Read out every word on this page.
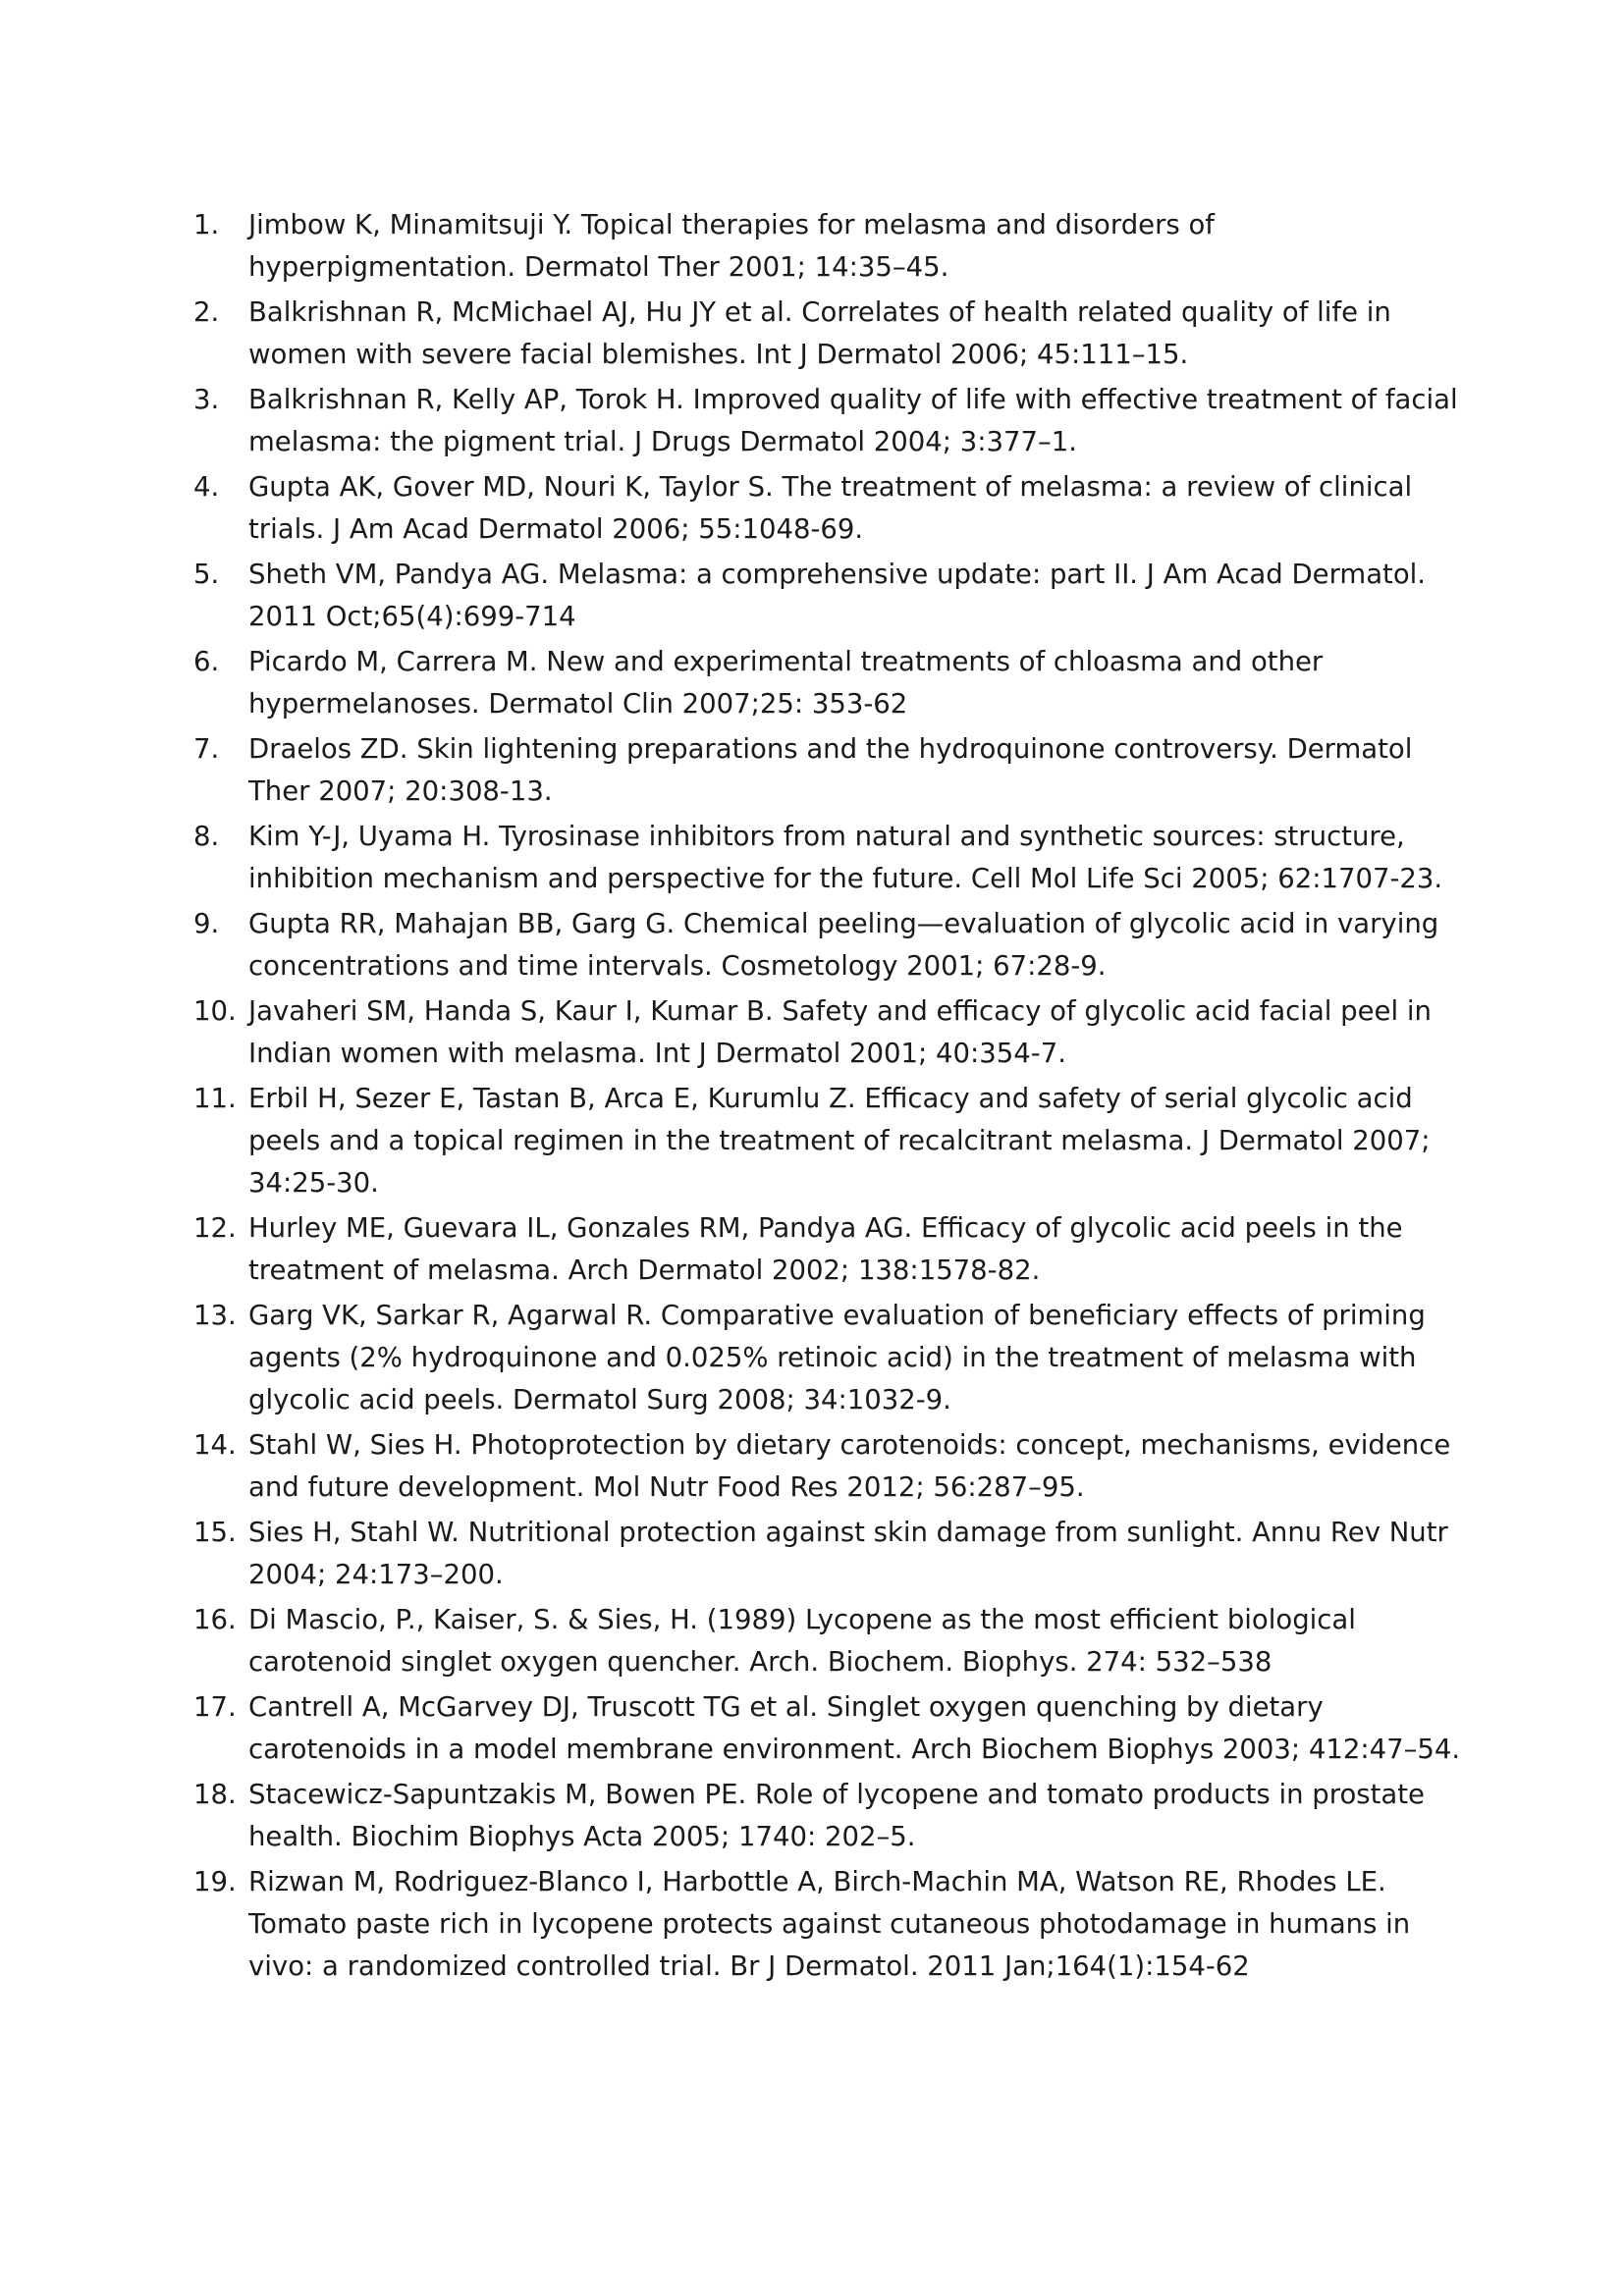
1.	Jimbow K, Minamitsuji Y. Topical therapies for melasma and disorders of hyperpigmentation. Dermatol Ther 2001; 14:35–45.
2.	Balkrishnan R, McMichael AJ, Hu JY et al. Correlates of health related quality of life in women with severe facial blemishes. Int J Dermatol 2006; 45:111–15.
3.	Balkrishnan R, Kelly AP, Torok H. Improved quality of life with effective treatment of facial melasma: the pigment trial. J Drugs Dermatol 2004; 3:377–1.
4.	Gupta AK, Gover MD, Nouri K, Taylor S. The treatment of melasma: a review of clinical trials. J Am Acad Dermatol 2006; 55:1048-69.
5.	Sheth VM, Pandya AG. Melasma: a comprehensive update: part II. J Am Acad Dermatol. 2011 Oct;65(4):699-714
6.	Picardo M, Carrera M. New and experimental treatments of chloasma and other hypermelanoses. Dermatol Clin 2007;25: 353-62
7.	Draelos ZD. Skin lightening preparations and the hydroquinone controversy. Dermatol Ther 2007; 20:308-13.
8.	Kim Y-J, Uyama H. Tyrosinase inhibitors from natural and synthetic sources: structure, inhibition mechanism and perspective for the future. Cell Mol Life Sci 2005; 62:1707-23.
9.	Gupta RR, Mahajan BB, Garg G. Chemical peeling—evaluation of glycolic acid in varying concentrations and time intervals. Cosmetology 2001; 67:28-9.
10. Javaheri SM, Handa S, Kaur I, Kumar B. Safety and efficacy of glycolic acid facial peel in Indian women with melasma. Int J Dermatol 2001; 40:354-7.
11. Erbil H, Sezer E, Tastan B, Arca E, Kurumlu Z. Efficacy and safety of serial glycolic acid peels and a topical regimen in the treatment of recalcitrant melasma. J Dermatol 2007; 34:25-30.
12. Hurley ME, Guevara IL, Gonzales RM, Pandya AG. Efficacy of glycolic acid peels in the treatment of melasma. Arch Dermatol 2002; 138:1578-82.
13. Garg VK, Sarkar R, Agarwal R. Comparative evaluation of beneficiary effects of priming agents (2% hydroquinone and 0.025% retinoic acid) in the treatment of melasma with glycolic acid peels. Dermatol Surg 2008; 34:1032-9.
14. Stahl W, Sies H. Photoprotection by dietary carotenoids: concept, mechanisms, evidence and future development. Mol Nutr Food Res 2012; 56:287–95.
15. Sies H, Stahl W. Nutritional protection against skin damage from sunlight. Annu Rev Nutr 2004; 24:173–200.
16. Di Mascio, P., Kaiser, S. & Sies, H. (1989) Lycopene as the most efficient biological carotenoid singlet oxygen quencher. Arch. Biochem. Biophys. 274: 532–538
17. Cantrell A, McGarvey DJ, Truscott TG et al. Singlet oxygen quenching by dietary carotenoids in a model membrane environment. Arch Biochem Biophys 2003; 412:47–54.
18. Stacewicz-Sapuntzakis M, Bowen PE. Role of lycopene and tomato products in prostate health. Biochim Biophys Acta 2005; 1740: 202–5.
19. Rizwan M, Rodriguez-Blanco I, Harbottle A, Birch-Machin MA, Watson RE, Rhodes LE. Tomato paste rich in lycopene protects against cutaneous photodamage in humans in vivo: a randomized controlled trial. Br J Dermatol. 2011 Jan;164(1):154-62
